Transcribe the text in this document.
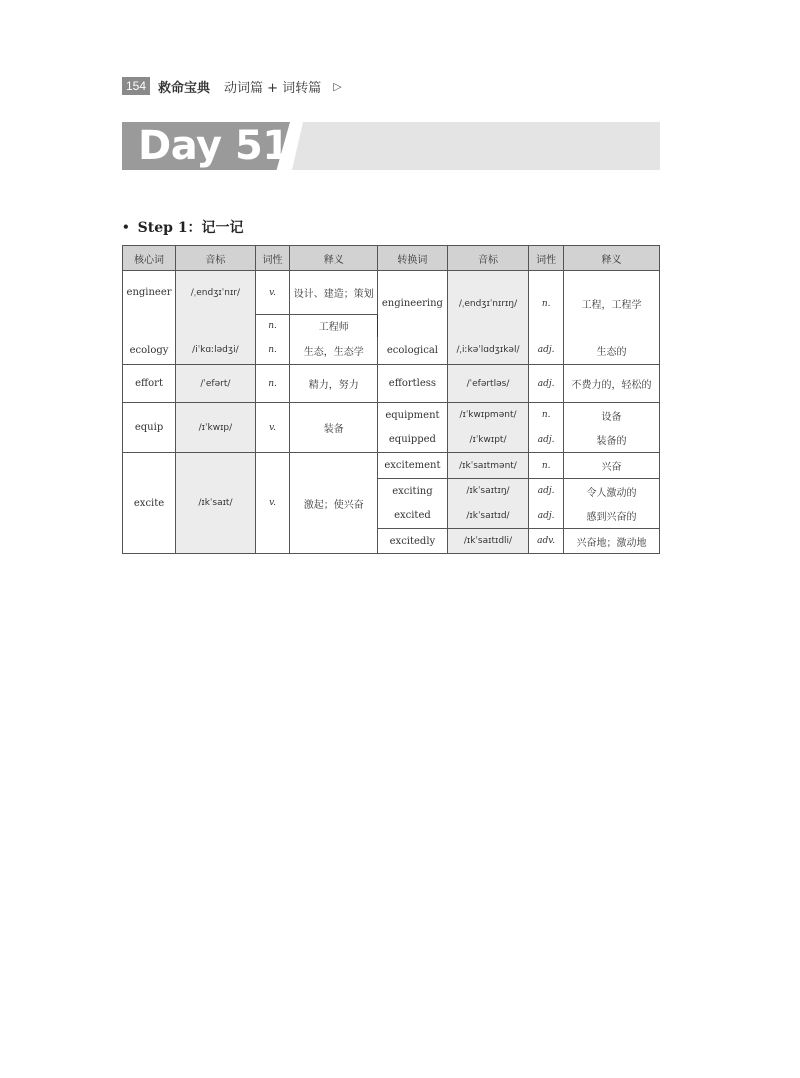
154 救命宝典 动词篇 + 词转篇 ▷
Day 51
• Step 1：记一记
核心词	音标	词性	释义	转换词	音标	词性	释义
engineer	/ˌendʒɪˈnɪr/	v.	设计、建造；策划	engineering	/ˌendʒɪˈnɪrɪŋ/	n.	工程，工程学
		n.	工程师				
ecology	/iˈkɑːlədʒi/	n.	生态，生态学	ecological	/ˌiːkəˈlɑdʒɪkəl/	adj.	生态的
effort	/ˈefərt/	n.	精力，努力	effortless	/ˈefərtləs/	adj.	不费力的，轻松的
equip	/ɪˈkwɪp/	v.	装备	equipment	/ɪˈkwɪpmənt/	n.	设备
				equipped	/ɪˈkwɪpt/	adj.	装备的
excite	/ɪkˈsaɪt/	v.	激起；使兴奋	excitement	/ɪkˈsaɪtmənt/	n.	兴奋
				exciting	/ɪkˈsaɪtɪŋ/	adj.	令人激动的
				excited	/ɪkˈsaɪtɪd/	adj.	感到兴奋的
				excitedly	/ɪkˈsaɪtɪdli/	adv.	兴奋地；激动地
